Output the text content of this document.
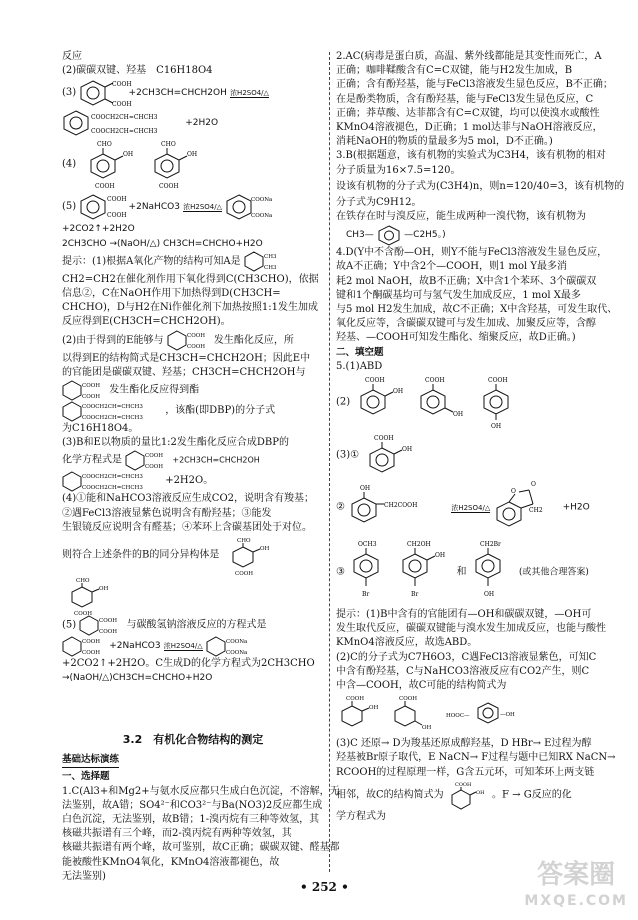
反应
(2)碳碳双键、羟基　C16H18O4
(3)
COOH
COOH
+2CH3CH=CHCH2OH 浓H2SO4/△
COOCH2CH=CHCH3
COOCH2CH=CHCH3
+2H2O
(4)
CHO
OH
COOH

CHO
OH
COOH
(5)
COOH
COOH
+2NaHCO3 浓H2SO4/△
COONa
COONa
+2CO2↑+2H2O
2CH3CHO →(NaOH/△) CH3CH=CHCHO+H2O
提示：(1)根据A氧化产物的结构可知A是	CH3
CH3
CH2=CH2在催化剂作用下氧化得到C(CH3CHO)，依据
信息②，C在NaOH作用下加热得到D(CH3CH=
CHCHO)，D与H2在Ni作催化剂下加热按照1:1发生加成
反应得到E(CH3CH=CHCH2OH)。
(2)由于得到的E能够与	COOH
COOH
发生酯化反应，所
以得到E的结构简式是CH3CH=CHCH2OH；因此E中
的官能团是碳碳双键、羟基；CH3CH=CHCH2OH与
COOH
COOH
发生酯化反应得到酯
COOCH2CH=CHCH3
COOCH2CH=CHCH3
，该酯(即DBP)的分子式
为C16H18O4。
(3)B和E以物质的量比1:2发生酯化反应合成DBP的
化学方程式是	COOH
COOH
+2CH3CH=CHCH2OH
COOCH2CH=CHCH3
COOCH2CH=CHCH3
+2H2O。
(4)①能和NaHCO3溶液反应生成CO2，说明含有羧基；
②遇FeCl3溶液显紫色说明含有酚羟基；③能发
生银镜反应说明含有醛基；④苯环上含碳基团处于对位。
则符合上述条件的B的同分异构体是
CHO
OH
COOH
CHO
OH
COOH
(5)	COOH
COOH
与碳酸氢钠溶液反应的方程式是
COOH
COOH
+2NaHCO3 浓H2SO4/△
COONa
COONa
+2CO2↑+2H2O。C生成D的化学方程式为2CH3CHO
→(NaOH/△)CH3CH=CHCHO+H2O
3.2　有机化合物结构的测定
基础达标演练
一、选择题
1.C(Al3+和Mg2+与氨水反应都只生成白色沉淀，不溶解，无
法鉴别，故A错；SO4²⁻和CO3²⁻与Ba(NO3)2反应都生成
白色沉淀，无法鉴别，故B错；1-溴丙烷有三种等效氢，其
核磁共振谱有三个峰，而2-溴丙烷有两种等效氢，其
核磁共振谱有两个峰，故可鉴别，故C正确；碳碳双键、醛基都
能被酸性KMnO4氧化，KMnO4溶液都褪色，故
无法鉴别)
2.AC(病毒是蛋白质，高温、紫外线都能是其变性而死亡，A
正确；咖啡鞣酸含有C=C双键，能与H2发生加成，B
正确；含有酚羟基，能与FeCl3溶液发生显色反应，B不正确；
在是酚类物质，含有酚羟基，能与FeCl3发生显色反应，C
正确；莽草酸、达菲都含有C=C双键，均可以使溴水或酸性
KMnO4溶液褪色，D正确；1 mol达菲与NaOH溶液反应，
消耗NaOH的物质的量最多为5 mol，D不正确。)
3.B(根据题意，该有机物的实验式为C3H4，该有机物的相对
分子质量为16×7.5=120。
设该有机物的分子式为(C3H4)n，则n=120/40=3，该有机物的
分子式为C9H12。
在铁存在时与溴反应，能生成两种一溴代物，该有机物为
CH3—	—C2H5。)
4.D(Y中不含酚—OH，则Y不能与FeCl3溶液发生显色反应，
故A不正确；Y中含2个—COOH，则1 mol Y最多消
耗2 mol NaOH，故B不正确；X中含1个苯环、3个碳碳双
键和1个酮碳基均可与氢气发生加成反应，1 mol X最多
与5 mol H2发生加成，故C不正确；X中含羟基，可发生取代、
氧化反应等，含碳碳双键可与发生加成、加聚反应等，含醇
羟基、—COOH可知发生酯化、缩聚反应，故D正确。)
二、填空题
5.(1)ABD
(2)
COOH
OH

COOH
OH

COOH
OH
(3)①
COOH
OH
②
OH
CH2COOH	浓H2SO4/△
O
O
CH2 +H2O
③
OCH3
Br

CH2OH
OH
Br
和
CH2Br
OH
(或其他合理答案)
提示：(1)B中含有的官能团有—OH和碳碳双键，—OH可
发生取代反应，碳碳双键能与溴水发生加成反应，也能与酸性
KMnO4溶液反应，故选ABD。
(2)C的分子式为C7H6O3，C遇FeCl3溶液显紫色，可知C
中含有酚羟基，C与NaHCO3溶液反应有CO2产生，则C
中含—COOH，故C可能的结构简式为
COOH
OH

COOH
OH

HOOC—	—OH
(3)C 还原→ D为羧基还原成醇羟基，D HBr→ E过程为醇
羟基被Br原子取代，E NaCN→ F过程与题中已知RX NaCN→
RCOOH的过程原理一样，G含五元环，可知苯环上两支链
相邻，故C的结构简式为
COOH
OH 。F → G反应的化
学方程式为
• 252 •	答案圈
MXQE.COM
